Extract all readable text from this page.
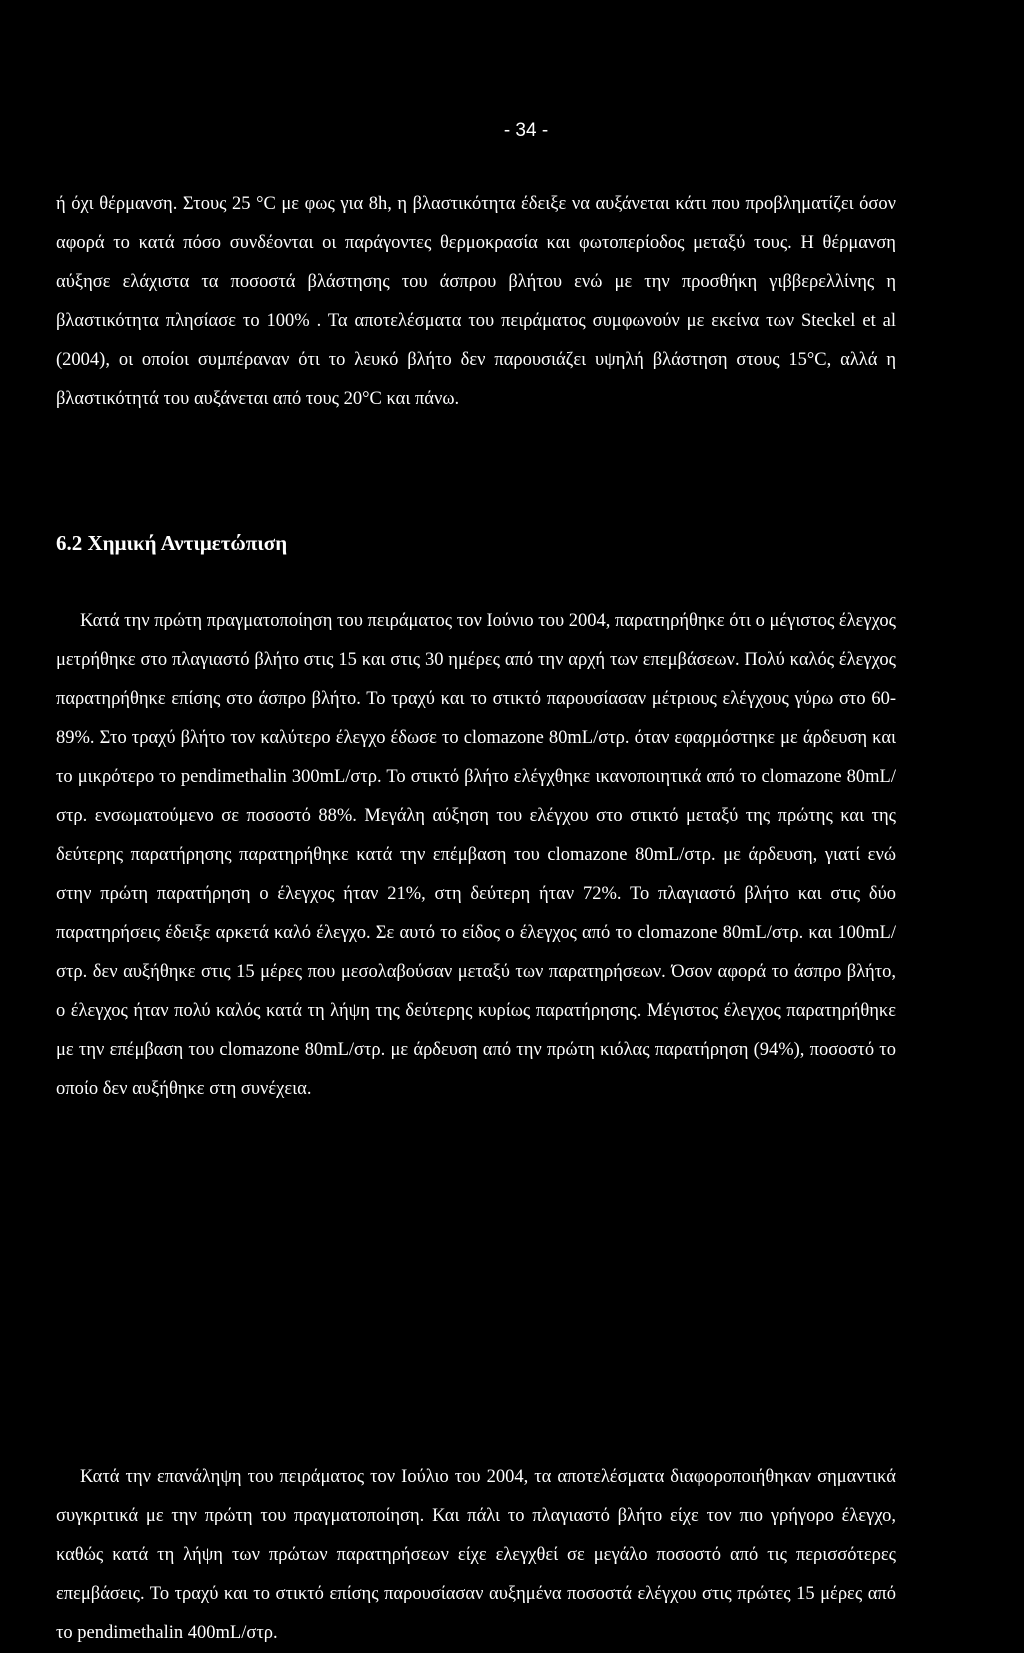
- 34 -
ή όχι θέρμανση. Στους 25 °C με φως για 8h, η βλαστικότητα έδειξε να αυξάνεται κάτι που προβληματίζει όσον αφορά το κατά πόσο συνδέονται οι παράγοντες θερμοκρασία και φωτοπερίοδος μεταξύ τους. Η θέρμανση αύξησε ελάχιστα τα ποσοστά βλάστησης του άσπρου βλήτου ενώ με την προσθήκη γιββερελλίνης η βλαστικότητα πλησίασε το 100% . Τα αποτελέσματα του πειράματος συμφωνούν με εκείνα των Steckel et al (2004), οι οποίοι συμπέραναν ότι το λευκό βλήτο δεν παρουσιάζει υψηλή βλάστηση στους 15°C, αλλά η βλαστικότητά του αυξάνεται από τους 20°C και πάνω.
6.2 Χημική Αντιμετώπιση
Κατά την πρώτη πραγματοποίηση του πειράματος τον Ιούνιο του 2004, παρατηρήθηκε ότι ο μέγιστος έλεγχος μετρήθηκε στο πλαγιαστό βλήτο στις 15 και στις 30 ημέρες από την αρχή των επεμβάσεων. Πολύ καλός έλεγχος παρατηρήθηκε επίσης στο άσπρο βλήτο. Το τραχύ και το στικτό παρουσίασαν μέτριους ελέγχους γύρω στο 60-89%. Στο τραχύ βλήτο τον καλύτερο έλεγχο έδωσε το clomazone 80mL/στρ. όταν εφαρμόστηκε με άρδευση και το μικρότερο το pendimethalin 300mL/στρ. Το στικτό βλήτο ελέγχθηκε ικανοποιητικά από το clomazone 80mL/στρ. ενσωματούμενο σε ποσοστό 88%. Μεγάλη αύξηση του ελέγχου στο στικτό μεταξύ της πρώτης και της δεύτερης παρατήρησης παρατηρήθηκε κατά την επέμβαση του clomazone 80mL/στρ. με άρδευση, γιατί ενώ στην πρώτη παρατήρηση ο έλεγχος ήταν 21%, στη δεύτερη ήταν 72%. Το πλαγιαστό βλήτο και στις δύο παρατηρήσεις έδειξε αρκετά καλό έλεγχο. Σε αυτό το είδος ο έλεγχος από το clomazone 80mL/στρ. και 100mL/στρ. δεν αυξήθηκε στις 15 μέρες που μεσολαβούσαν μεταξύ των παρατηρήσεων. Όσον αφορά το άσπρο βλήτο, ο έλεγχος ήταν πολύ καλός κατά τη λήψη της δεύτερης κυρίως παρατήρησης. Μέγιστος έλεγχος παρατηρήθηκε με την επέμβαση του clomazone 80mL/στρ. με άρδευση από την πρώτη κιόλας παρατήρηση (94%), ποσοστό το οποίο δεν αυξήθηκε στη συνέχεια.
Κατά την επανάληψη του πειράματος τον Ιούλιο του 2004, τα αποτελέσματα διαφοροποιήθηκαν σημαντικά συγκριτικά με την πρώτη του πραγματοποίηση. Και πάλι το πλαγιαστό βλήτο είχε τον πιο γρήγορο έλεγχο, καθώς κατά τη λήψη των πρώτων παρατηρήσεων είχε ελεγχθεί σε μεγάλο ποσοστό από τις περισσότερες επεμβάσεις. Το τραχύ και το στικτό επίσης παρουσίασαν αυξημένα ποσοστά ελέγχου στις πρώτες 15 μέρες από το pendimethalin 400mL/στρ.
